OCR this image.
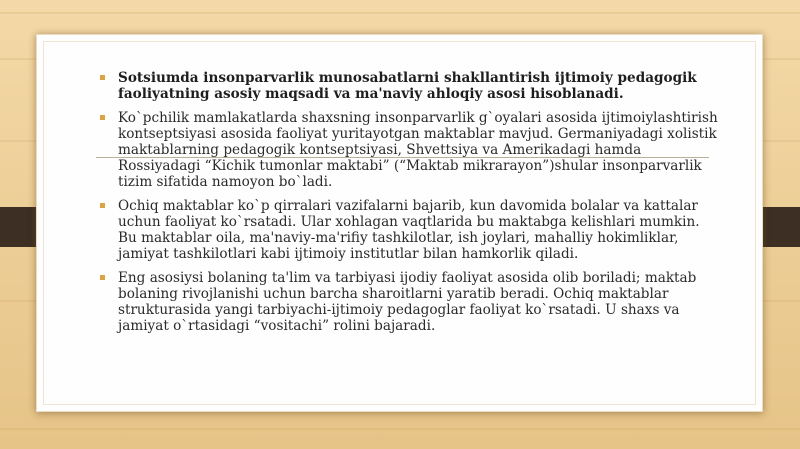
Sotsiumda insonparvarlik munosabatlarni shakllantirish ijtimoiy pedagogik faoliyatning asosiy maqsadi va ma'naviy ahloqiy asosi hisoblanadi.
Ko`pchilik mamlakatlarda shaxsning insonparvarlik g`oyalari asosida ijtimoiylashtirish kontseptsiyasi asosida faoliyat yuritayotgan maktablar mavjud. Germaniyadagi xolistik maktablarning pedagogik kontseptsiyasi, Shvettsiya va Amerikadagi hamda Rossiyadagi “Kichik tumonlar maktabi” (“Maktab mikrarayon”)shular insonparvarlik tizim sifatida namoyon bo`ladi.
Ochiq maktablar ko`p qirralari vazifalarni bajarib, kun davomida bolalar va kattalar uchun faoliyat ko`rsatadi. Ular xohlagan vaqtlarida bu maktabga kelishlari mumkin. Bu maktablar oila, ma'naviy-ma'rifiy tashkilotlar, ish joylari, mahalliy hokimliklar, jamiyat tashkilotlari kabi ijtimoiy institutlar bilan hamkorlik qiladi.
Eng asosiysi bolaning ta'lim va tarbiyasi ijodiy faoliyat asosida olib boriladi; maktab bolaning rivojlanishi uchun barcha sharoitlarni yaratib beradi. Ochiq maktablar strukturasida yangi tarbiyachi-ijtimoiy pedagoglar faoliyat ko`rsatadi. U shaxs va jamiyat o`rtasidagi “vositachi” rolini bajaradi.
